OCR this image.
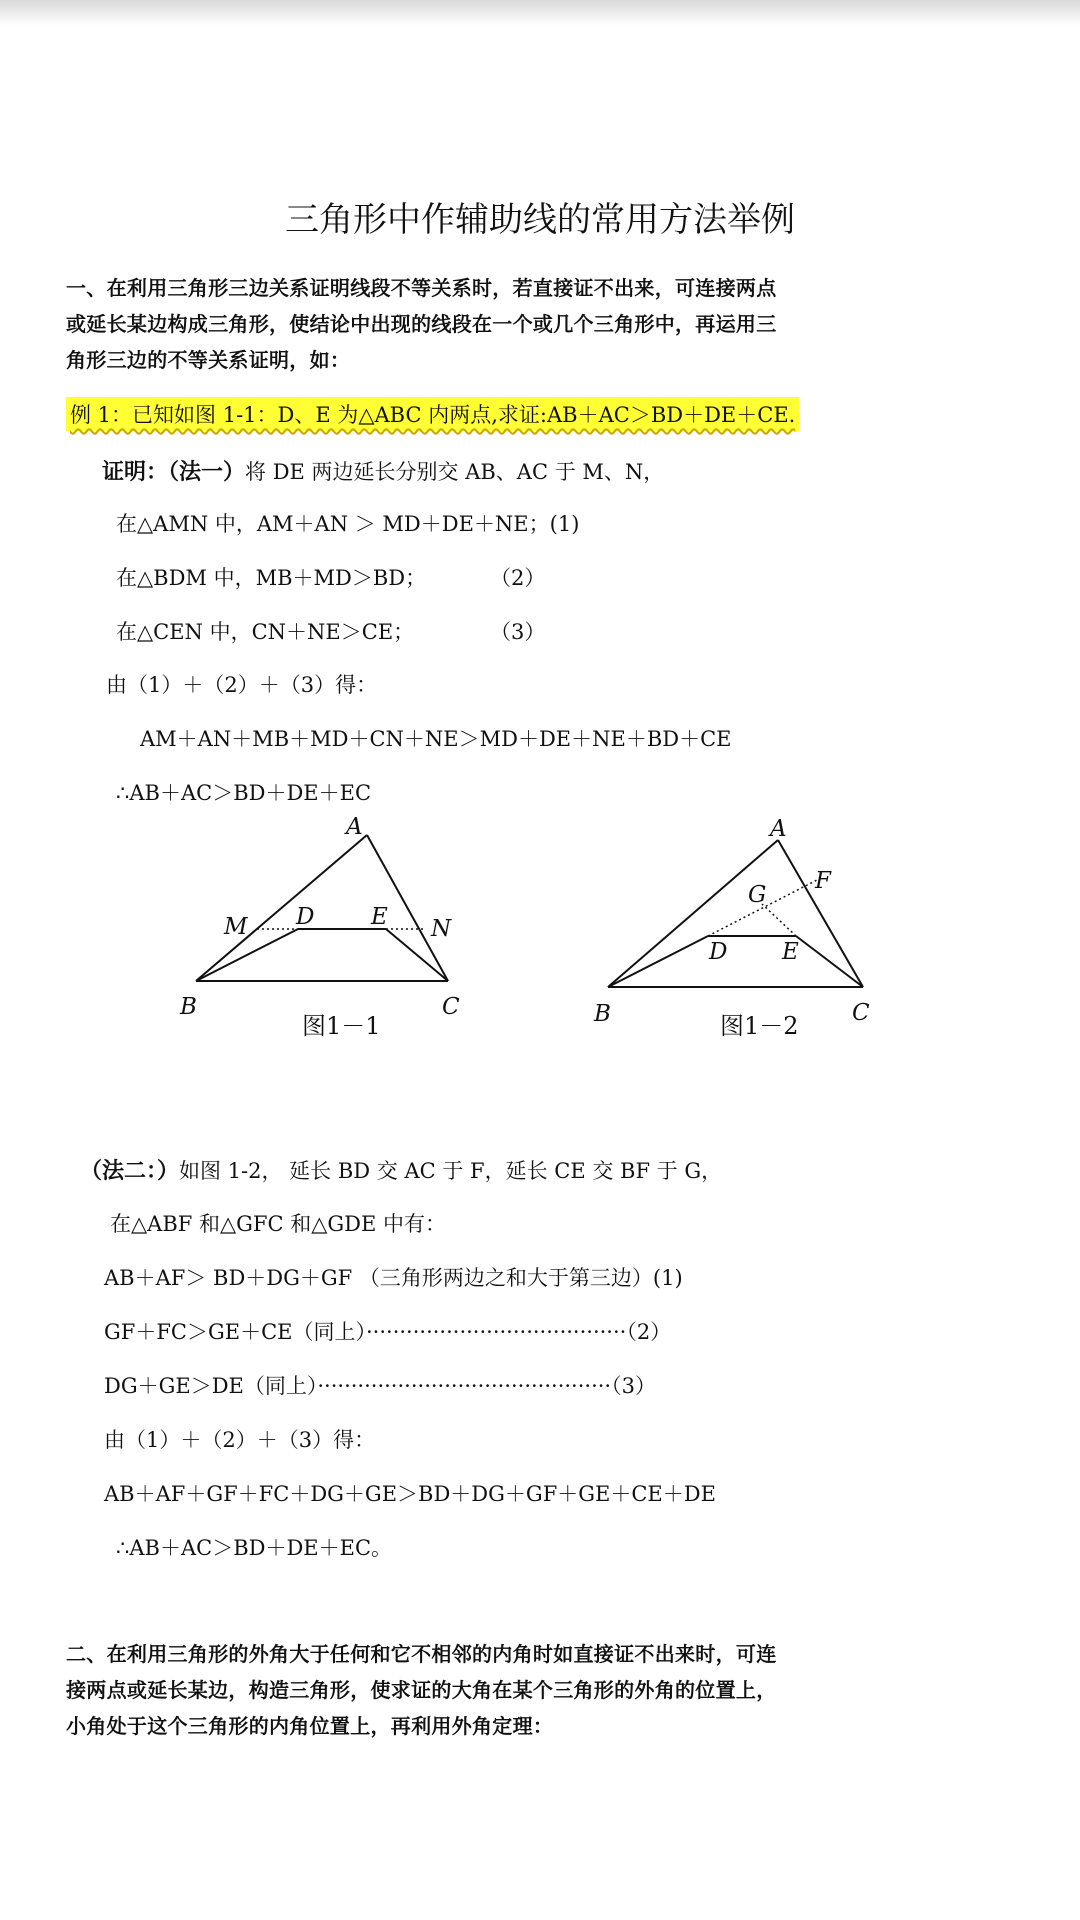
三角形中作辅助线的常用方法举例
一、在利用三角形三边关系证明线段不等关系时，若直接证不出来，可连接两点
或延长某边构成三角形，使结论中出现的线段在一个或几个三角形中，再运用三
角形三边的不等关系证明，如：
例 1：已知如图 1-1：D、E 为△ABC 内两点,求证:AB＋AC＞BD＋DE＋CE.
证明：（法一）将 DE 两边延长分别交 AB、AC 于 M、N，
在△AMN 中，AM＋AN ＞ MD＋DE＋NE；(1)
在△BDM 中，MB＋MD＞BD；	（2）
在△CEN 中，CN＋NE＞CE；	（3）
由（1）＋（2）＋（3）得：
AM＋AN＋MB＋MD＋CN＋NE＞MD＋DE＋NE＋BD＋CE
∴AB＋AC＞BD＋DE＋EC
A
B	C
D E
M	N
图1－1
A
B	C
D E
F
G
图1－2
（法二：）如图 1-2， 延长 BD 交 AC 于 F，延长 CE 交 BF 于 G，
在△ABF 和△GFC 和△GDE 中有：
AB＋AF＞ BD＋DG＋GF （三角形两边之和大于第三边）(1)
GF＋FC＞GE＋CE（同上）·······································（2）
DG＋GE＞DE（同上）············································（3）
由（1）＋（2）＋（3）得：
AB＋AF＋GF＋FC＋DG＋GE＞BD＋DG＋GF＋GE＋CE＋DE
∴AB＋AC＞BD＋DE＋EC。
二、在利用三角形的外角大于任何和它不相邻的内角时如直接证不出来时，可连
接两点或延长某边，构造三角形，使求证的大角在某个三角形的外角的位置上，
小角处于这个三角形的内角位置上，再利用外角定理：
